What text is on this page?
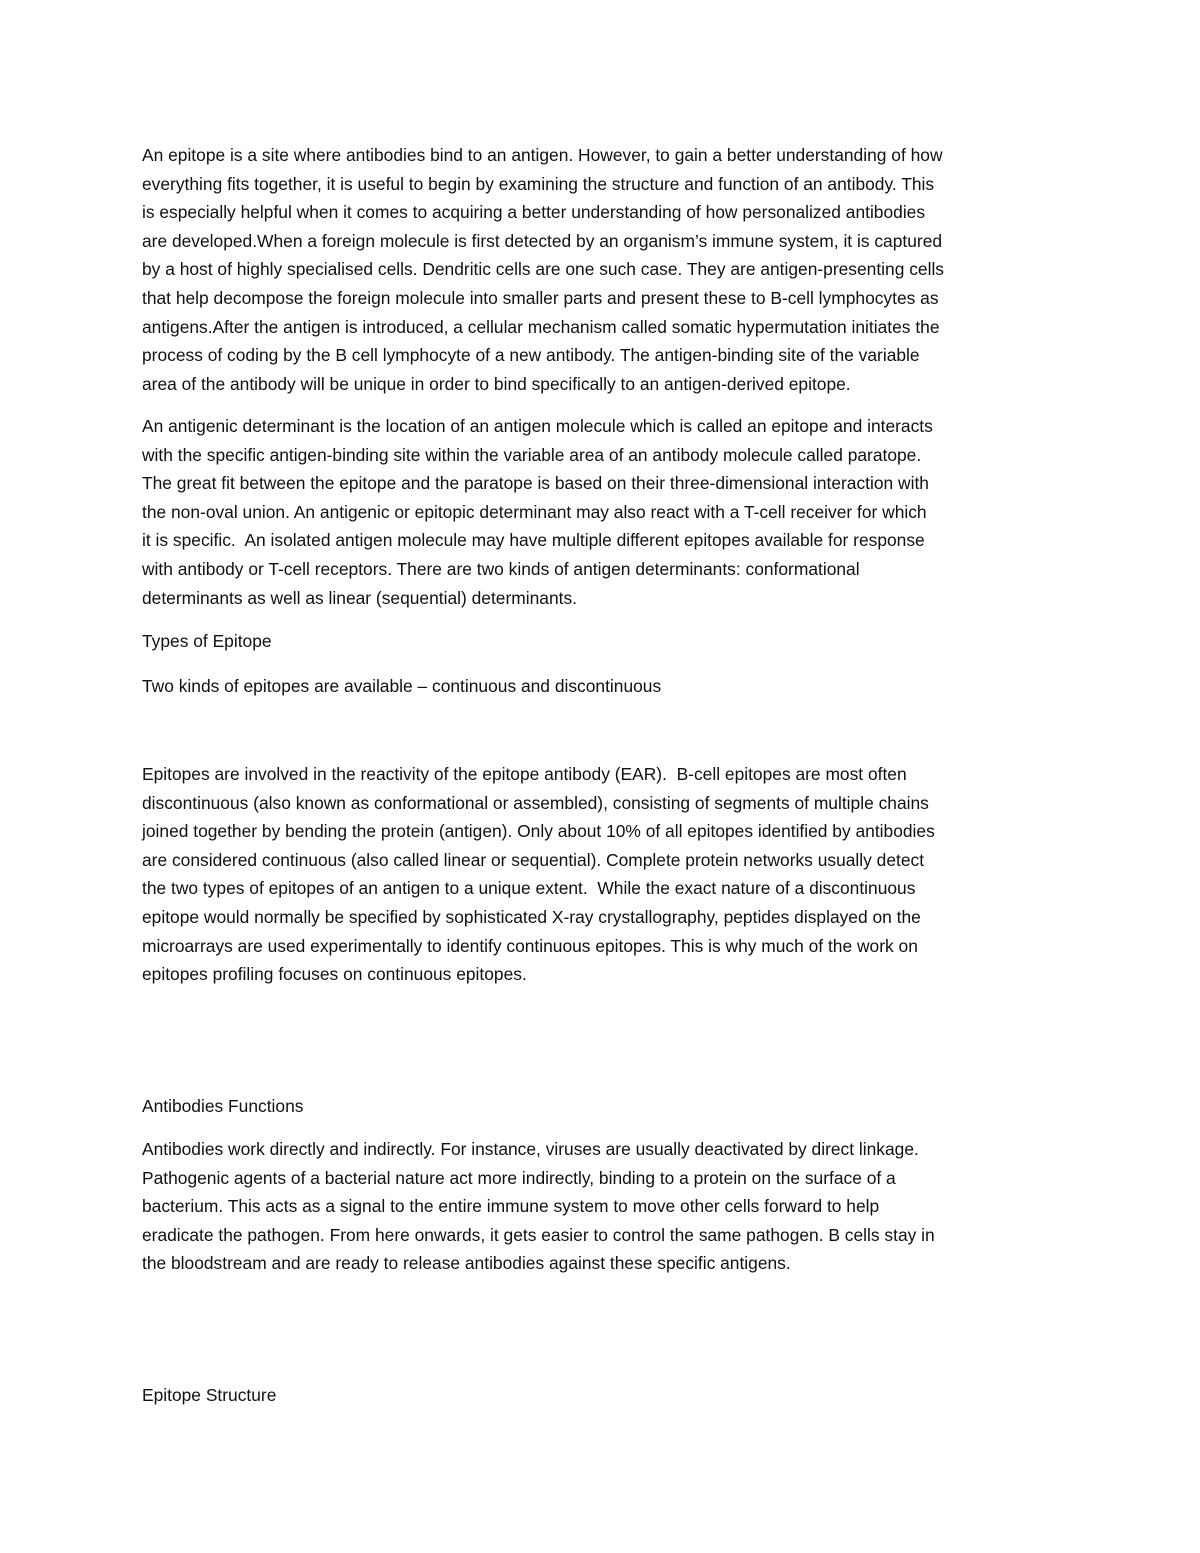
An epitope is a site where antibodies bind to an antigen. However, to gain a better understanding of how
everything fits together, it is useful to begin by examining the structure and function of an antibody. This
is especially helpful when it comes to acquiring a better understanding of how personalized antibodies
are developed.When a foreign molecule is first detected by an organism’s immune system, it is captured
by a host of highly specialised cells. Dendritic cells are one such case. They are antigen-presenting cells
that help decompose the foreign molecule into smaller parts and present these to B-cell lymphocytes as
antigens.After the antigen is introduced, a cellular mechanism called somatic hypermutation initiates the
process of coding by the B cell lymphocyte of a new antibody. The antigen-binding site of the variable
area of the antibody will be unique in order to bind specifically to an antigen-derived epitope.

An antigenic determinant is the location of an antigen molecule which is called an epitope and interacts
with the specific antigen-binding site within the variable area of an antibody molecule called paratope.
The great fit between the epitope and the paratope is based on their three-dimensional interaction with
the non-oval union. An antigenic or epitopic determinant may also react with a T-cell receiver for which
it is specific.  An isolated antigen molecule may have multiple different epitopes available for response
with antibody or T-cell receptors. There are two kinds of antigen determinants: conformational
determinants as well as linear (sequential) determinants.

Types of Epitope

Two kinds of epitopes are available – continuous and discontinuous

Epitopes are involved in the reactivity of the epitope antibody (EAR).  B-cell epitopes are most often
discontinuous (also known as conformational or assembled), consisting of segments of multiple chains
joined together by bending the protein (antigen). Only about 10% of all epitopes identified by antibodies
are considered continuous (also called linear or sequential). Complete protein networks usually detect
the two types of epitopes of an antigen to a unique extent.  While the exact nature of a discontinuous
epitope would normally be specified by sophisticated X-ray crystallography, peptides displayed on the
microarrays are used experimentally to identify continuous epitopes. This is why much of the work on
epitopes profiling focuses on continuous epitopes.

Antibodies Functions

Antibodies work directly and indirectly. For instance, viruses are usually deactivated by direct linkage.
Pathogenic agents of a bacterial nature act more indirectly, binding to a protein on the surface of a
bacterium. This acts as a signal to the entire immune system to move other cells forward to help
eradicate the pathogen. From here onwards, it gets easier to control the same pathogen. B cells stay in
the bloodstream and are ready to release antibodies against these specific antigens.

Epitope Structure
